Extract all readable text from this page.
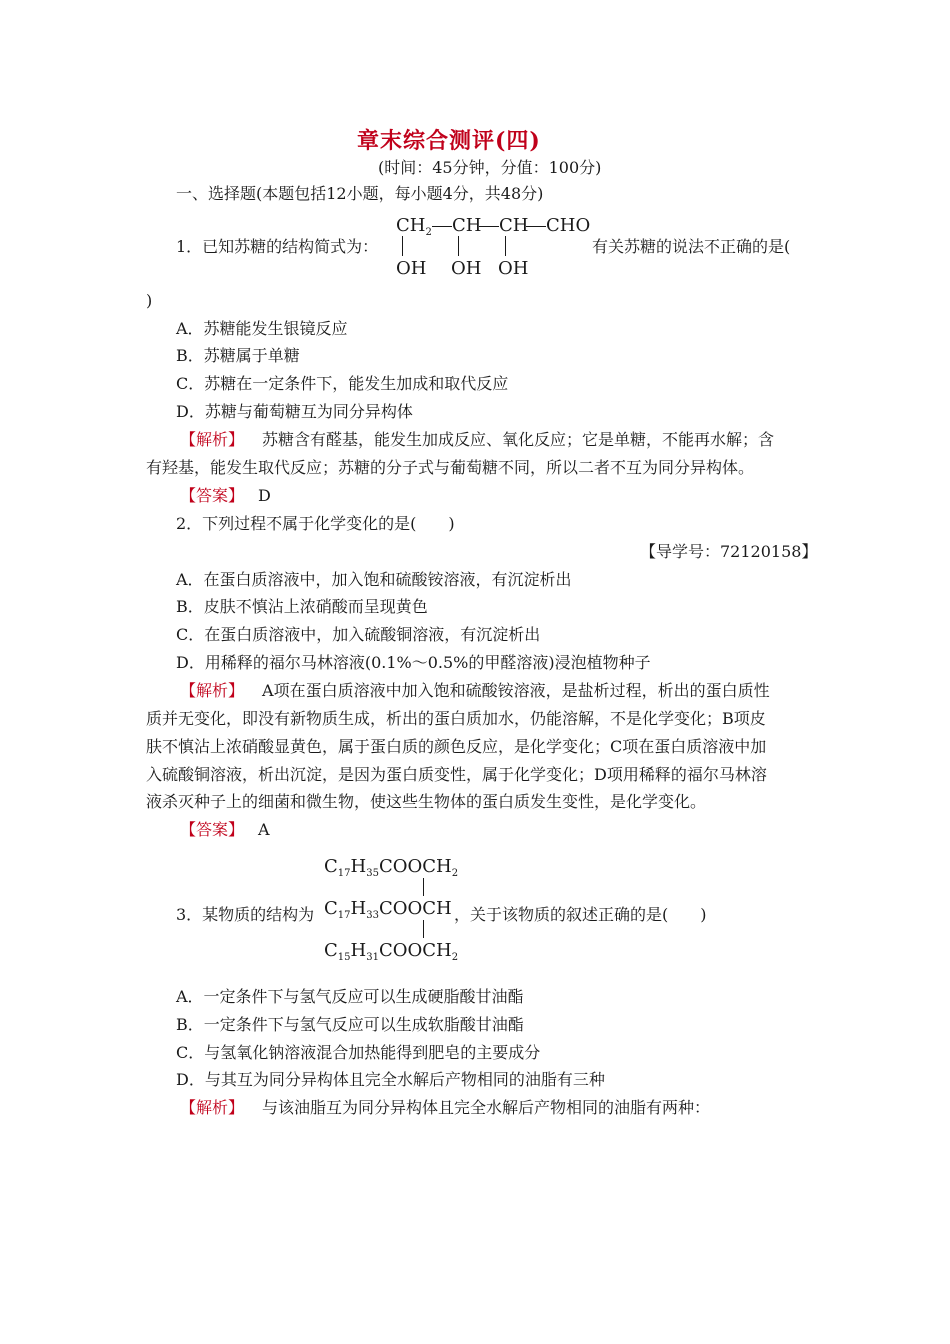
章末综合测评(四)
(时间：45分钟，分值：100分)
一、选择题(本题包括12小题，每小题4分，共48分)
1．已知苏糖的结构简式为：
$CH_2$ CH CH CHO
OH OH OH
有关苏糖的说法不正确的是(
)
A．苏糖能发生银镜反应
B．苏糖属于单糖
C．苏糖在一定条件下，能发生加成和取代反应
D．苏糖与葡萄糖互为同分异构体
【解析】 苏糖含有醛基，能发生加成反应、氧化反应；它是单糖，不能再水解；含
有羟基，能发生取代反应；苏糖的分子式与葡萄糖不同，所以二者不互为同分异构体。
【答案】 D
2．下列过程不属于化学变化的是(　　)
【导学号：72120158】
A．在蛋白质溶液中，加入饱和硫酸铵溶液，有沉淀析出
B．皮肤不慎沾上浓硝酸而呈现黄色
C．在蛋白质溶液中，加入硫酸铜溶液，有沉淀析出
D．用稀释的福尔马林溶液(0.1%～0.5%的甲醛溶液)浸泡植物种子
【解析】 A项在蛋白质溶液中加入饱和硫酸铵溶液，是盐析过程，析出的蛋白质性
质并无变化，即没有新物质生成，析出的蛋白质加水，仍能溶解，不是化学变化；B项皮
肤不慎沾上浓硝酸显黄色，属于蛋白质的颜色反应，是化学变化；C项在蛋白质溶液中加
入硫酸铜溶液，析出沉淀，是因为蛋白质变性，属于化学变化；D项用稀释的福尔马林溶
液杀灭种子上的细菌和微生物，使这些生物体的蛋白质发生变性，是化学变化。
【答案】 A
3．某物质的结构为
$C_{17}H_{35}COOCH_2$
$C_{17}H_{33}COOCH$
$C_{15}H_{31}COOCH_2$
，关于该物质的叙述正确的是(　　)
A．一定条件下与氢气反应可以生成硬脂酸甘油酯
B．一定条件下与氢气反应可以生成软脂酸甘油酯
C．与氢氧化钠溶液混合加热能得到肥皂的主要成分
D．与其互为同分异构体且完全水解后产物相同的油脂有三种
【解析】 与该油脂互为同分异构体且完全水解后产物相同的油脂有两种：
